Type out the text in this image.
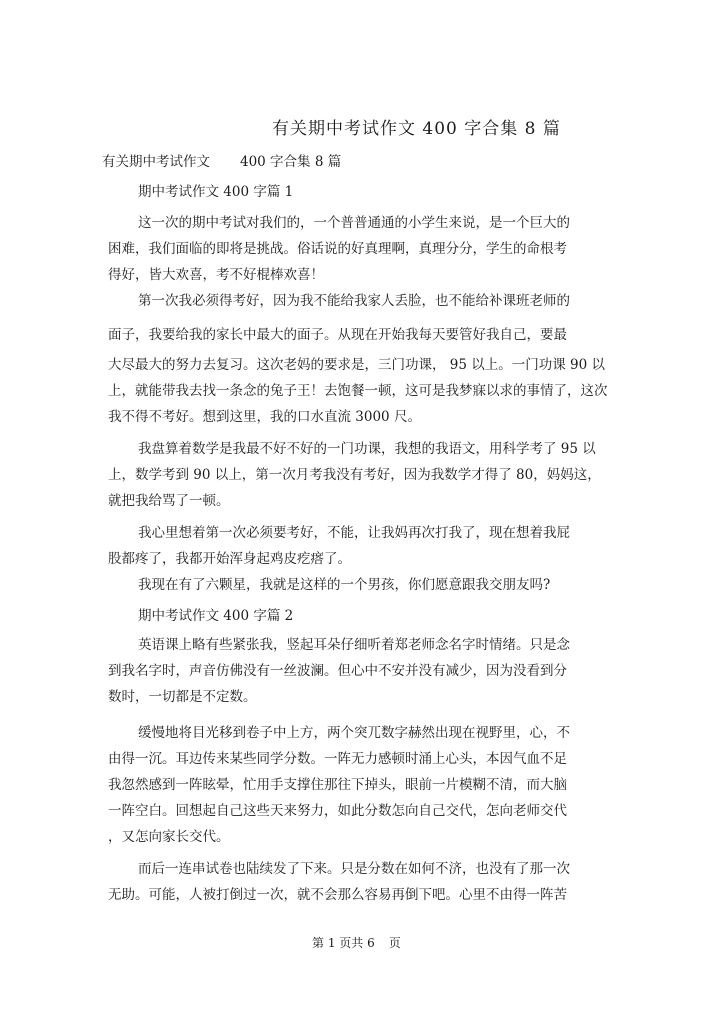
有关期中考试作文 400 字合集 8 篇
有关期中考试作文 400 字合集 8 篇
期中考试作文 400 字篇 1
这一次的期中考试对我们的，一个普普通通的小学生来说，是一个巨大的
困难，我们面临的即将是挑战。俗话说的好真理啊，真理分分，学生的命根考
得好，皆大欢喜，考不好棍棒欢喜！
第一次我必须得考好，因为我不能给我家人丢脸，也不能给补课班老师的
面子，我要给我的家长中最大的面子。从现在开始我每天要管好我自己，要最
大尽最大的努力去复习。这次老妈的要求是，三门功课， 95 以上。一门功课 90 以
上，就能带我去找一条念的兔子王！去饱餐一顿，这可是我梦寐以求的事情了，这次
我不得不考好。想到这里，我的口水直流 3000 尺。
我盘算着数学是我最不好不好的一门功课，我想的我语文，用科学考了 95 以
上，数学考到 90 以上，第一次月考我没有考好，因为我数学才得了 80，妈妈这，
就把我给骂了一顿。
我心里想着第一次必须要考好，不能，让我妈再次打我了，现在想着我屁
股都疼了，我都开始浑身起鸡皮疙瘩了。
我现在有了六颗星，我就是这样的一个男孩，你们愿意跟我交朋友吗?
期中考试作文 400 字篇 2
英语课上略有些紧张我，竖起耳朵仔细听着郑老师念名字时情绪。只是念
到我名字时，声音仿佛没有一丝波澜。但心中不安并没有减少，因为没看到分
数时，一切都是不定数。
缓慢地将目光移到卷子中上方，两个突兀数字赫然出现在视野里，心，不
由得一沉。耳边传来某些同学分数。一阵无力感顿时涌上心头，本因气血不足
我忽然感到一阵眩晕，忙用手支撑住那往下掉头，眼前一片模糊不清，而大脑
一阵空白。回想起自己这些天来努力，如此分数怎向自己交代，怎向老师交代
，又怎向家长交代。
而后一连串试卷也陆续发了下来。只是分数在如何不济，也没有了那一次
无助。可能，人被打倒过一次，就不会那么容易再倒下吧。心里不由得一阵苦
第 1 页共 6 页
